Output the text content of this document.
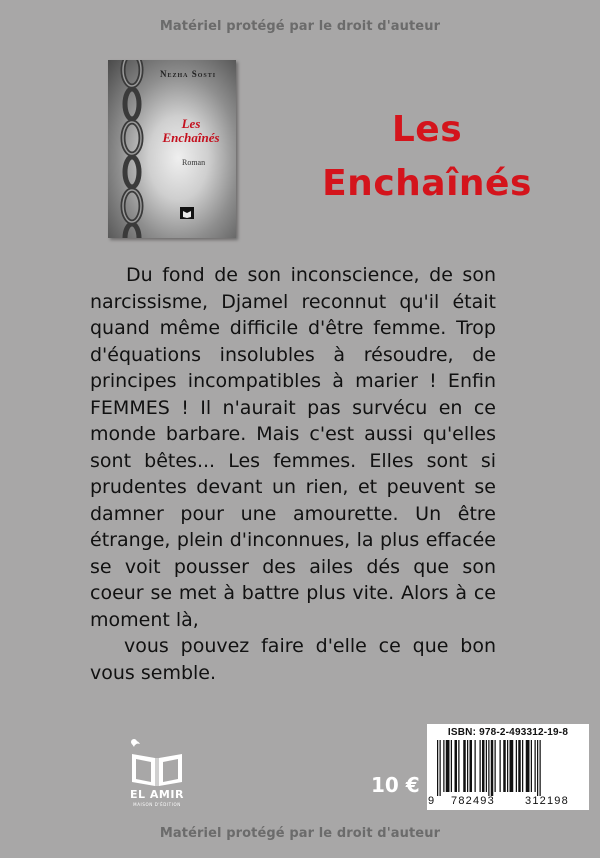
Matériel protégé par le droit d'auteur
Nezha Sosti
Les
Enchaînés
Roman
Les
Enchaînés

Du fond de son inconscience, de son narcissisme, Djamel reconnut qu'il était quand même difficile d'être femme. Trop d'équations insolubles à résoudre, de principes incompatibles à marier ! Enfin FEMMES ! Il n'aurait pas survécu en ce monde barbare. Mais c'est aussi qu'elles sont bêtes... Les femmes. Elles sont si prudentes devant un rien, et peuvent se damner pour une amourette. Un être étrange, plein d'inconnues, la plus effacée se voit pousser des ailes dés que son coeur se met à battre plus vite. Alors à ce moment là,

vous pouvez faire d'elle ce que bon vous semble.

EL AMIR
MAISON D'ÉDITION
10 €
ISBN: 978-2-493312-19-8
9 782493	312198
Matériel protégé par le droit d'auteur
